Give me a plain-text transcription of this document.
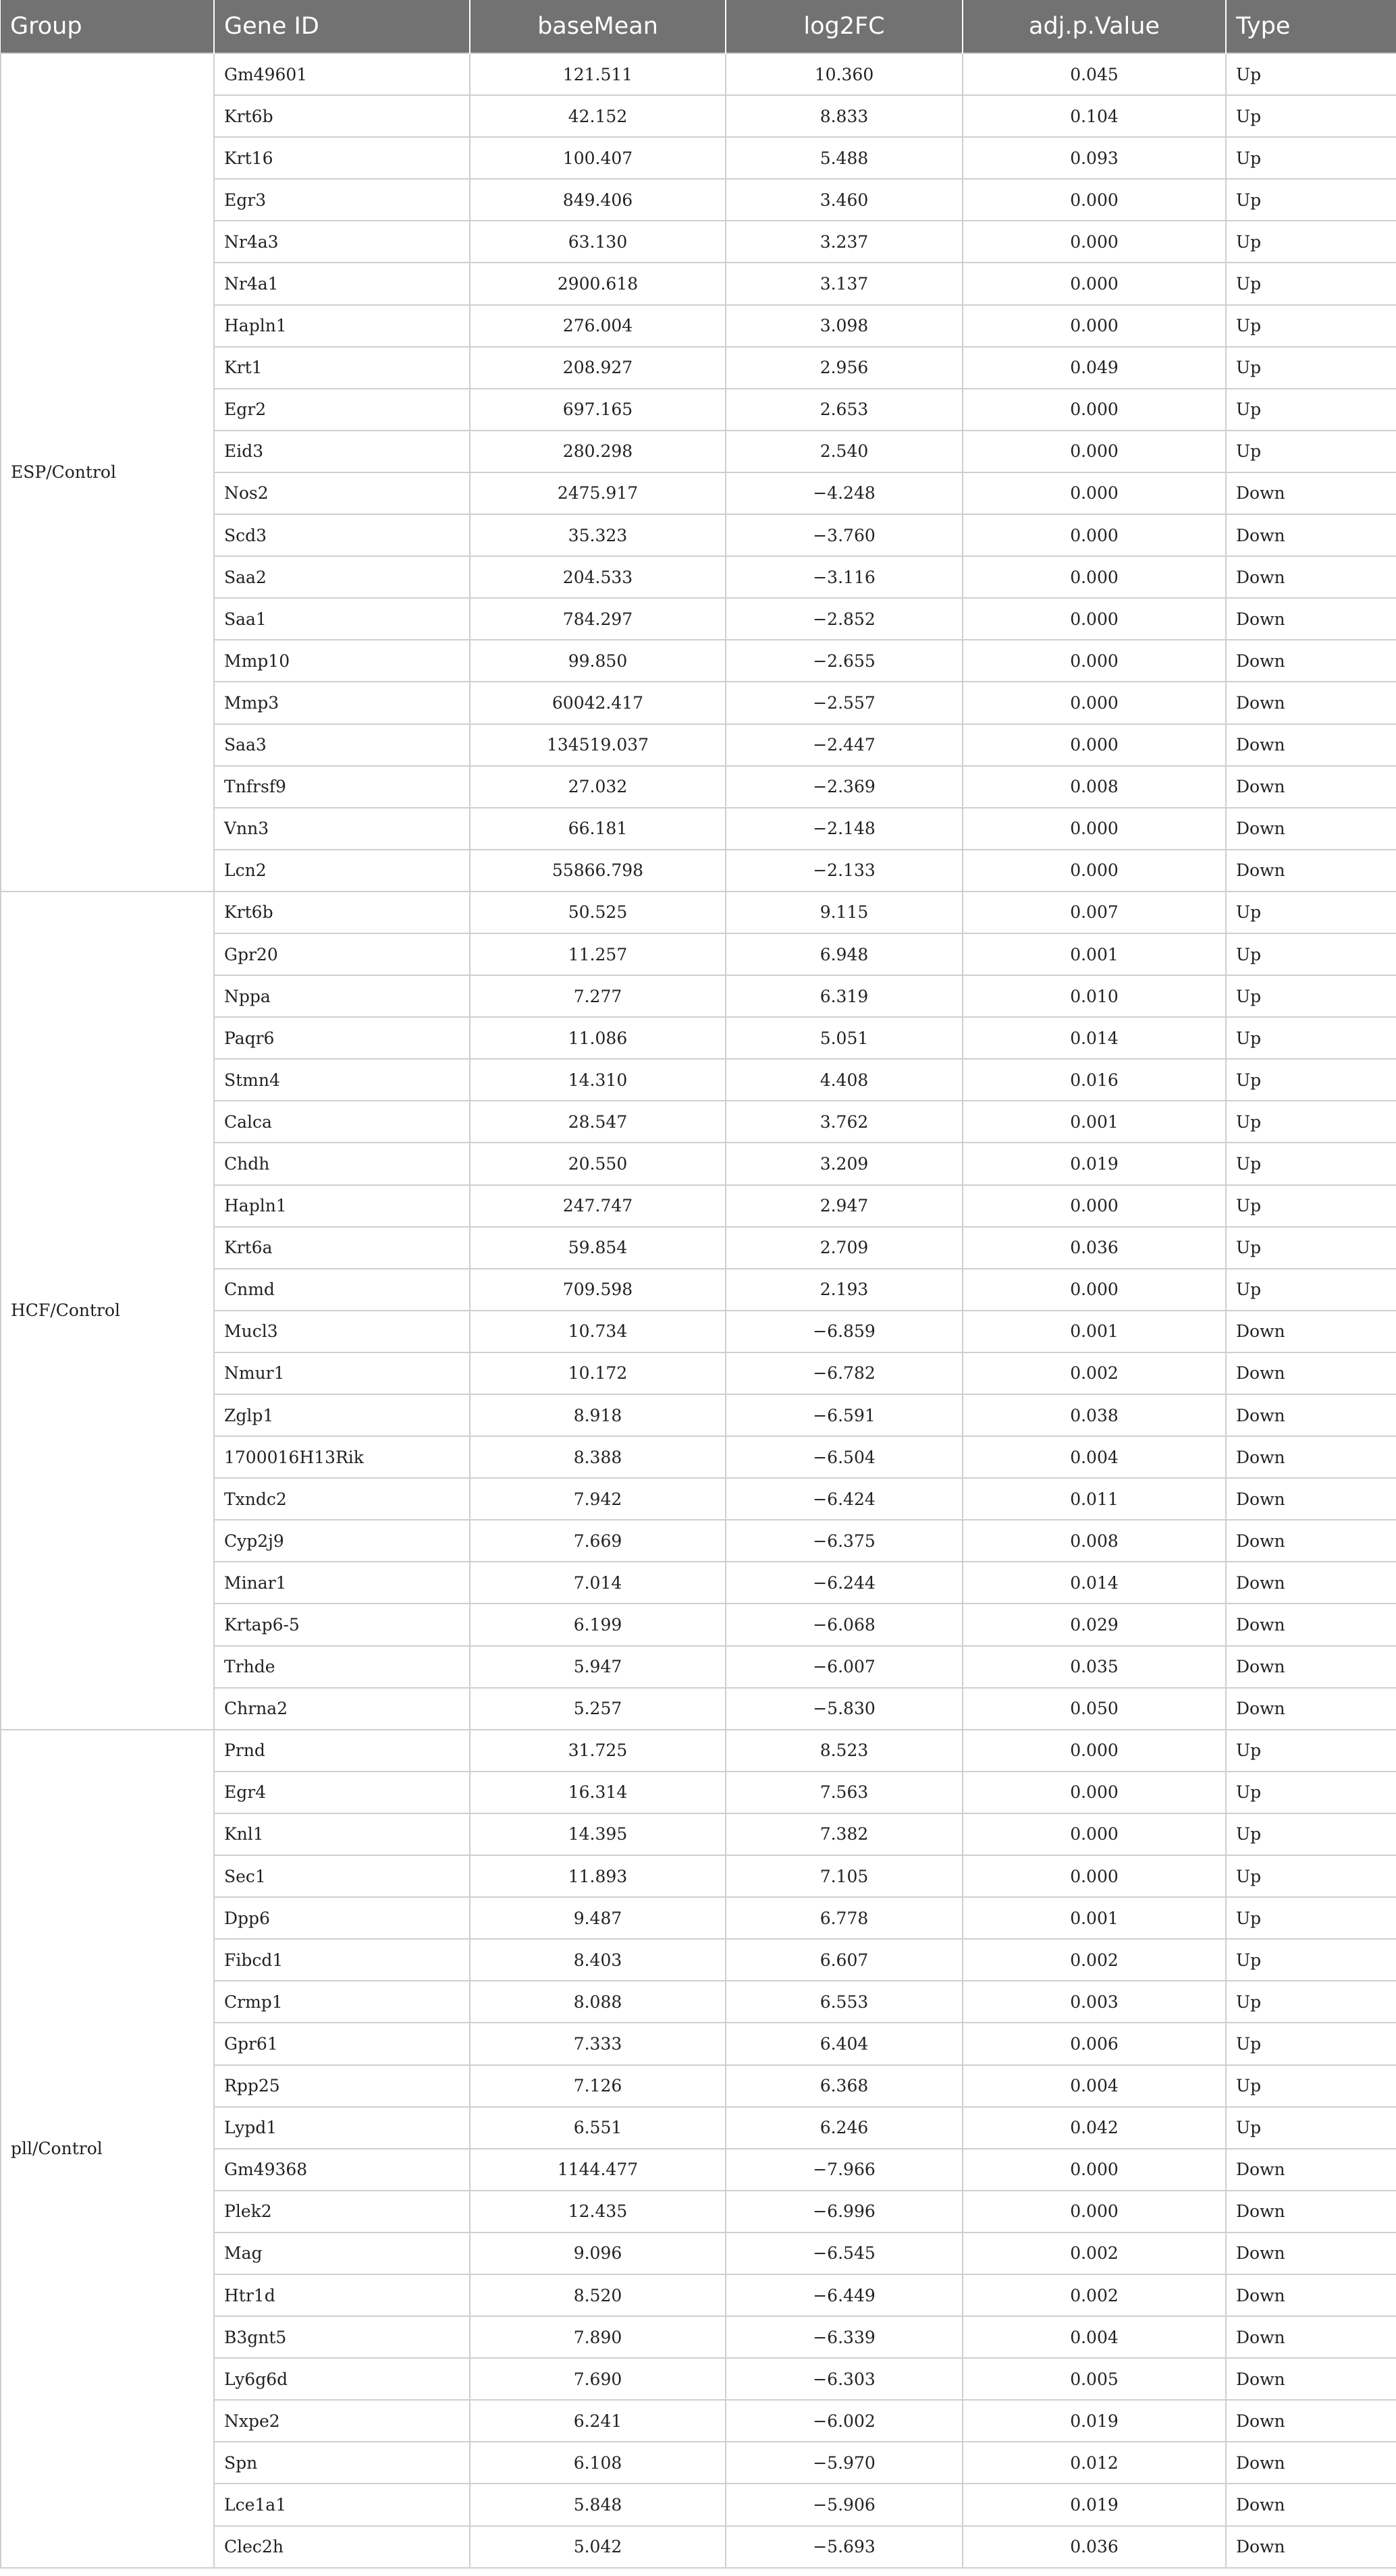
Group	Gene ID	baseMean	log2FC	adj.p.Value	Type
ESP/Control	Gm49601	121.511	10.360	0.045	Up
	Krt6b	42.152	8.833	0.104	Up
	Krt16	100.407	5.488	0.093	Up
	Egr3	849.406	3.460	0.000	Up
	Nr4a3	63.130	3.237	0.000	Up
	Nr4a1	2900.618	3.137	0.000	Up
	Hapln1	276.004	3.098	0.000	Up
	Krt1	208.927	2.956	0.049	Up
	Egr2	697.165	2.653	0.000	Up
	Eid3	280.298	2.540	0.000	Up
	Nos2	2475.917	−4.248	0.000	Down
	Scd3	35.323	−3.760	0.000	Down
	Saa2	204.533	−3.116	0.000	Down
	Saa1	784.297	−2.852	0.000	Down
	Mmp10	99.850	−2.655	0.000	Down
	Mmp3	60042.417	−2.557	0.000	Down
	Saa3	134519.037	−2.447	0.000	Down
	Tnfrsf9	27.032	−2.369	0.008	Down
	Vnn3	66.181	−2.148	0.000	Down
	Lcn2	55866.798	−2.133	0.000	Down
HCF/Control	Krt6b	50.525	9.115	0.007	Up
	Gpr20	11.257	6.948	0.001	Up
	Nppa	7.277	6.319	0.010	Up
	Paqr6	11.086	5.051	0.014	Up
	Stmn4	14.310	4.408	0.016	Up
	Calca	28.547	3.762	0.001	Up
	Chdh	20.550	3.209	0.019	Up
	Hapln1	247.747	2.947	0.000	Up
	Krt6a	59.854	2.709	0.036	Up
	Cnmd	709.598	2.193	0.000	Up
	Mucl3	10.734	−6.859	0.001	Down
	Nmur1	10.172	−6.782	0.002	Down
	Zglp1	8.918	−6.591	0.038	Down
	1700016H13Rik	8.388	−6.504	0.004	Down
	Txndc2	7.942	−6.424	0.011	Down
	Cyp2j9	7.669	−6.375	0.008	Down
	Minar1	7.014	−6.244	0.014	Down
	Krtap6-5	6.199	−6.068	0.029	Down
	Trhde	5.947	−6.007	0.035	Down
	Chrna2	5.257	−5.830	0.050	Down
pll/Control	Prnd	31.725	8.523	0.000	Up
	Egr4	16.314	7.563	0.000	Up
	Knl1	14.395	7.382	0.000	Up
	Sec1	11.893	7.105	0.000	Up
	Dpp6	9.487	6.778	0.001	Up
	Fibcd1	8.403	6.607	0.002	Up
	Crmp1	8.088	6.553	0.003	Up
	Gpr61	7.333	6.404	0.006	Up
	Rpp25	7.126	6.368	0.004	Up
	Lypd1	6.551	6.246	0.042	Up
	Gm49368	1144.477	−7.966	0.000	Down
	Plek2	12.435	−6.996	0.000	Down
	Mag	9.096	−6.545	0.002	Down
	Htr1d	8.520	−6.449	0.002	Down
	B3gnt5	7.890	−6.339	0.004	Down
	Ly6g6d	7.690	−6.303	0.005	Down
	Nxpe2	6.241	−6.002	0.019	Down
	Spn	6.108	−5.970	0.012	Down
	Lce1a1	5.848	−5.906	0.019	Down
	Clec2h	5.042	−5.693	0.036	Down
